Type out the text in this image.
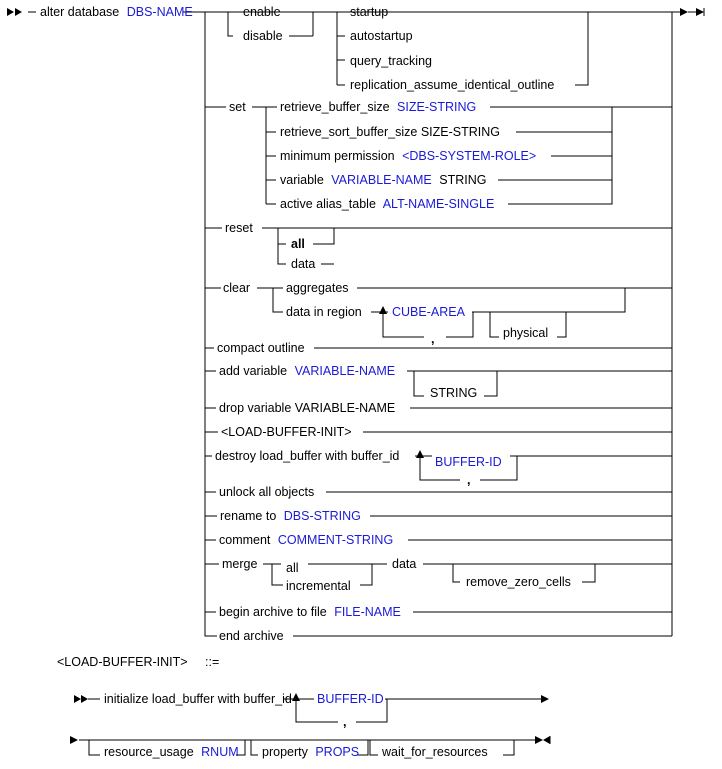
alter database DBS-NAME	enable
disable
startup
autostartup
query_tracking
replication_assume_identical_outline
set	retrieve_buffer_size SIZE-STRING
retrieve_sort_buffer_size SIZE-STRING
minimum permission <DBS-SYSTEM-ROLE>
variable VARIABLE-NAME STRING
active alias_table ALT-NAME-SINGLE
reset
all
data
clear	aggregates
data in region CUBE-AREA
,	physical
compact outline
add variable VARIABLE-NAME
STRING
drop variable VARIABLE-NAME
<LOAD-BUFFER-INIT>
destroy load_buffer with buffer_id	BUFFER-ID
,
unlock all objects
rename to DBS-STRING
comment COMMENT-STRING
merge all
incremental
data
remove_zero_cells
begin archive to file FILE-NAME
end archive
<LOAD-BUFFER-INIT> ::=
initialize load_buffer with buffer_id BUFFER-ID
,
resource_usage RNUM property PROPS wait_for_resources
